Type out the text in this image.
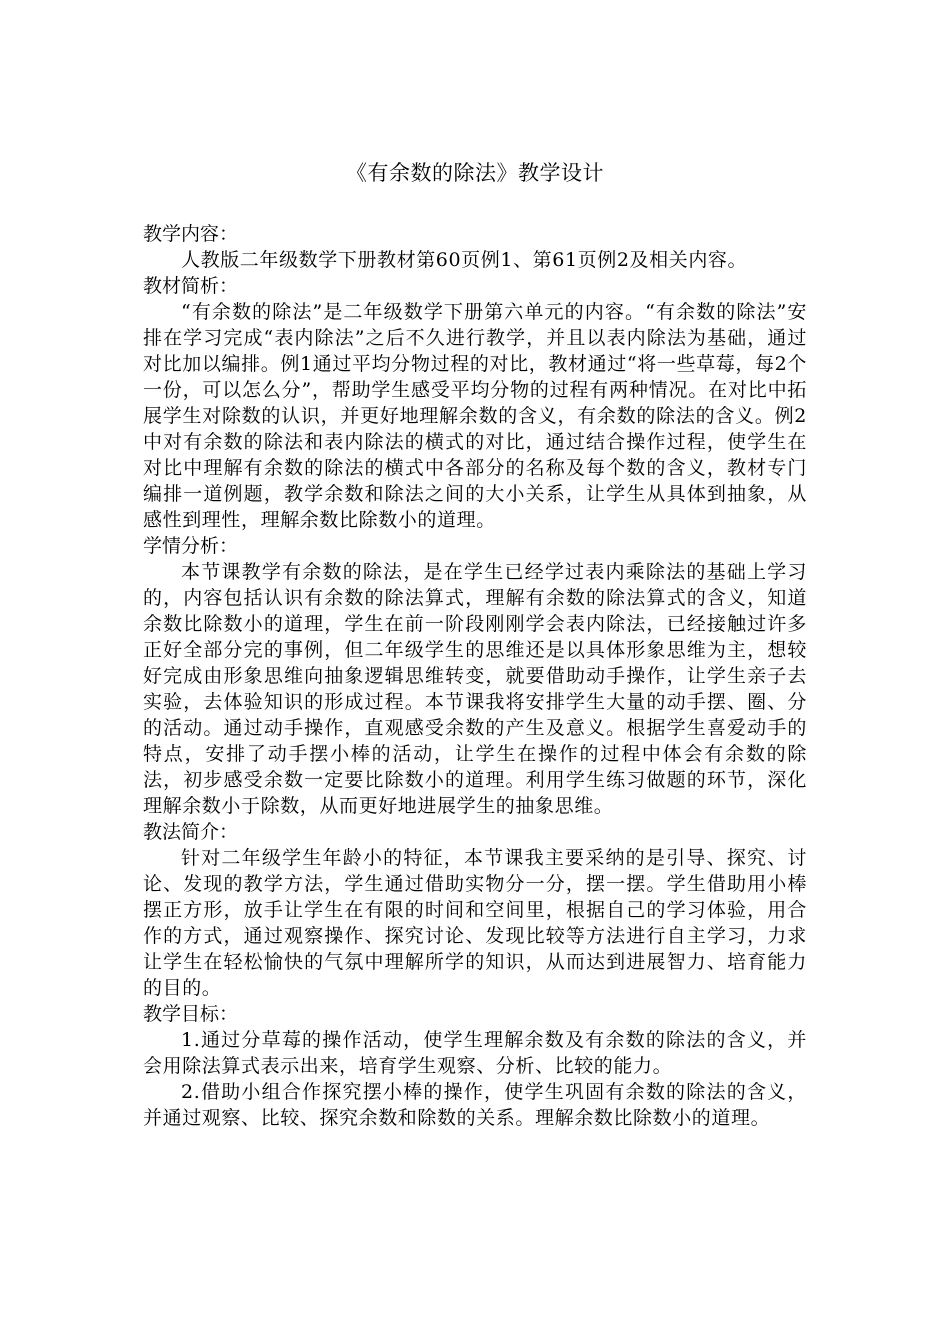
《有余数的除法》教学设计

教学内容：

人教版二年级数学下册教材第60页例1、第61页例2及相关内容。

教材简析：

“有余数的除法”是二年级数学下册第六单元的内容。“有余数的除法”安排在学习完成“表内除法”之后不久进行教学，并且以表内除法为基础，通过对比加以编排。例1通过平均分物过程的对比，教材通过“将一些草莓，每2个一份，可以怎么分”，帮助学生感受平均分物的过程有两种情况。在对比中拓展学生对除数的认识，并更好地理解余数的含义，有余数的除法的含义。例2中对有余数的除法和表内除法的横式的对比，通过结合操作过程，使学生在对比中理解有余数的除法的横式中各部分的名称及每个数的含义，教材专门编排一道例题，教学余数和除法之间的大小关系，让学生从具体到抽象，从感性到理性，理解余数比除数小的道理。

学情分析：

本节课教学有余数的除法，是在学生已经学过表内乘除法的基础上学习的，内容包括认识有余数的除法算式，理解有余数的除法算式的含义，知道余数比除数小的道理，学生在前一阶段刚刚学会表内除法，已经接触过许多正好全部分完的事例，但二年级学生的思维还是以具体形象思维为主，想较好完成由形象思维向抽象逻辑思维转变，就要借助动手操作，让学生亲子去实验，去体验知识的形成过程。本节课我将安排学生大量的动手摆、圈、分的活动。通过动手操作，直观感受余数的产生及意义。根据学生喜爱动手的特点，安排了动手摆小棒的活动，让学生在操作的过程中体会有余数的除法，初步感受余数一定要比除数小的道理。利用学生练习做题的环节，深化理解余数小于除数，从而更好地进展学生的抽象思维。

教法简介：

针对二年级学生年龄小的特征，本节课我主要采纳的是引导、探究、讨论、发现的教学方法，学生通过借助实物分一分，摆一摆。学生借助用小棒摆正方形，放手让学生在有限的时间和空间里，根据自己的学习体验，用合作的方式，通过观察操作、探究讨论、发现比较等方法进行自主学习，力求让学生在轻松愉快的气氛中理解所学的知识，从而达到进展智力、培育能力的目的。

教学目标：

1.通过分草莓的操作活动，使学生理解余数及有余数的除法的含义，并会用除法算式表示出来，培育学生观察、分析、比较的能力。

2.借助小组合作探究摆小棒的操作，使学生巩固有余数的除法的含义，并通过观察、比较、探究余数和除数的关系。理解余数比除数小的道理。
